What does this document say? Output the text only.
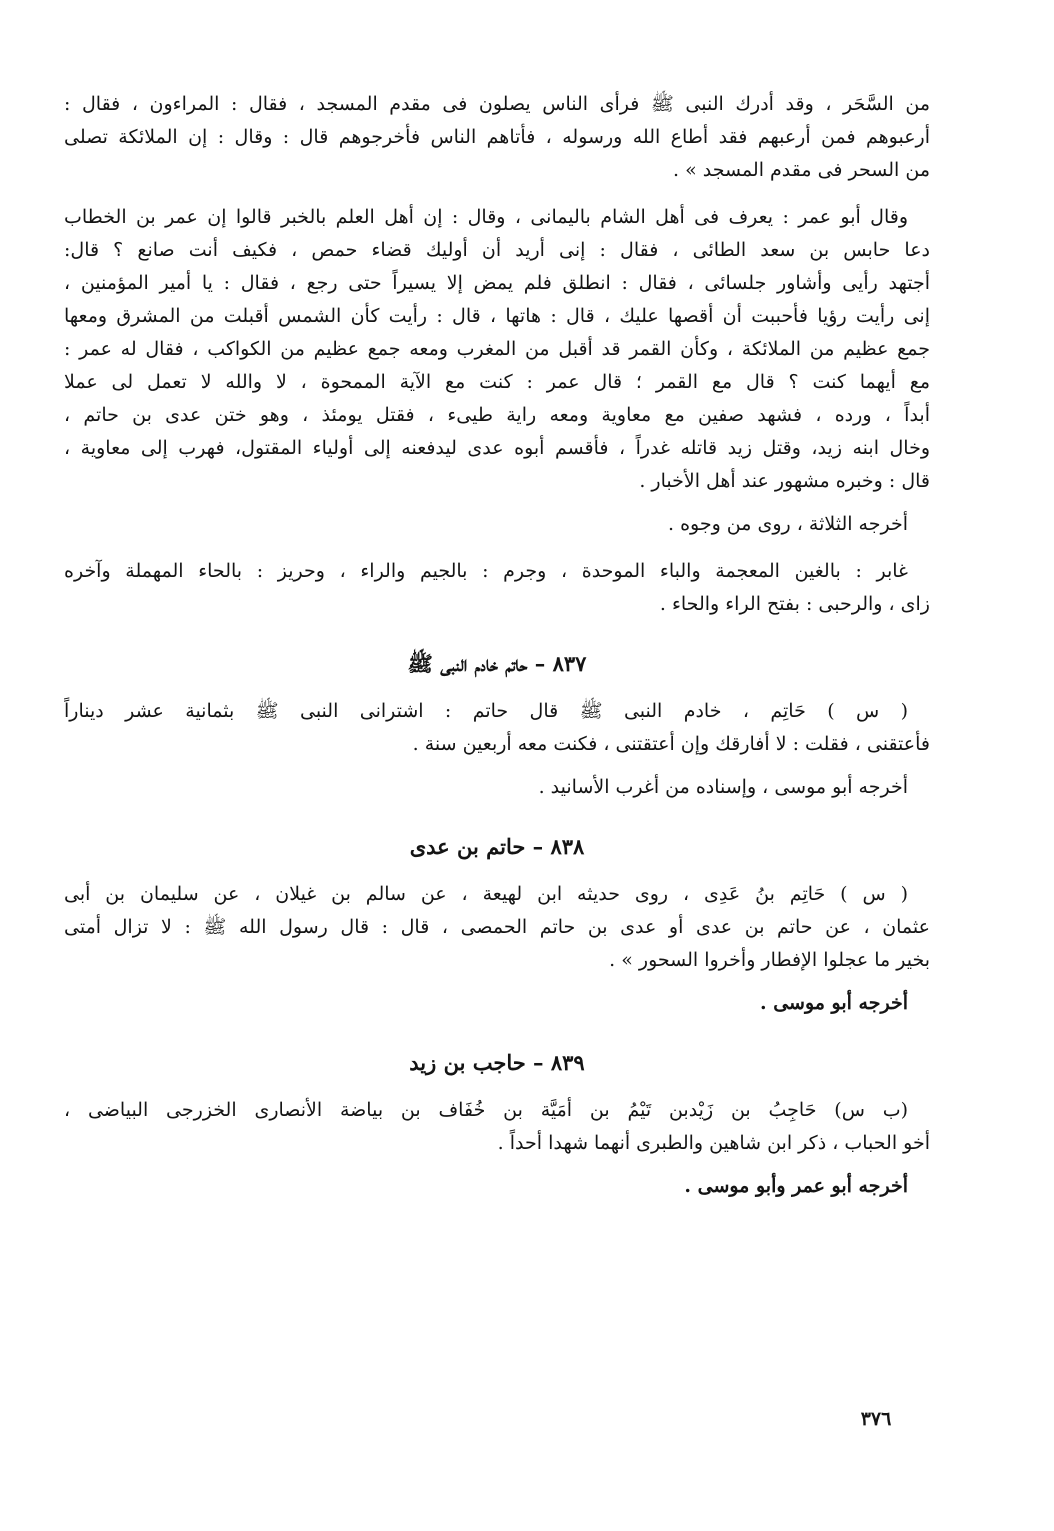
من السَّحَر ، وقد أدرك النبى ﷺ فرأى الناس يصلون فى مقدم المسجد ، فقال : المراءون ، فقال :
أرعبوهم فمن أرعبهم فقد أطاع الله ورسوله ، فأتاهم الناس فأخرجوهم قال : وقال : إن الملائكة تصلى
من السحر فى مقدم المسجد » .

وقال أبو عمر : يعرف فى أهل الشام باليمانى ، وقال : إن أهل العلم بالخبر قالوا إن عمر بن الخطاب
دعا حابس بن سعد الطائى ، فقال : إنى أريد أن أوليك قضاء حمص ، فكيف أنت صانع ؟ قال:
أجتهد رأيى وأشاور جلسائى ، فقال : انطلق فلم يمض إلا يسيراً حتى رجع ، فقال : يا أمير المؤمنين ،
إنى رأيت رؤيا فأحببت أن أقصها عليك ، قال : هاتها ، قال : رأيت كأن الشمس أقبلت من المشرق ومعها
جمع عظيم من الملائكة ، وكأن القمر قد أقبل من المغرب ومعه جمع عظيم من الكواكب ، فقال له عمر :
مع أيهما كنت ؟ قال مع القمر ؛ قال عمر : كنت مع الآية الممحوة ، لا والله لا تعمل لى عملا
أبداً ، ورده ، فشهد صفين مع معاوية ومعه راية طيىء ، فقتل يومئذ ، وهو ختن عدى بن حاتم ،
وخال ابنه زيد، وقتل زيد قاتله غدراً ، فأقسم أبوه عدى ليدفعنه إلى أولياء المقتول، فهرب إلى معاوية ،
قال : وخبره مشهور عند أهل الأخبار .

أخرجه الثلاثة ، روى من وجوه .

غابر : بالغين المعجمة والباء الموحدة ، وجرم : بالجيم والراء ، وحريز : بالحاء المهملة وآخره
زاى ، والرحبى : بفتح الراء والحاء .

٨٣٧ – حاتم خادم النبى ﷺ

( س ) حَاتِم ، خادم النبى ﷺ قال حاتم : اشترانى النبى ﷺ بثمانية عشر ديناراً
فأعتقنى ، فقلت : لا أفارقك وإن أعتقتنى ، فكنت معه أربعين سنة .

أخرجه أبو موسى ، وإسناده من أغرب الأسانيد .
٨٣٨ – حاتم بن عدى

( س ) حَاتِم بنُ عَدِى ، روى حديثه ابن لهيعة ، عن سالم بن غيلان ، عن سليمان بن أبى
عثمان ، عن حاتم بن عدى أو عدى بن حاتم الحمصى ، قال : قال رسول الله ﷺ : لا تزال أمتى
بخير ما عجلوا الإفطار وأخروا السحور » .

أخرجه أبو موسى .
٨٣٩ – حاجب بن زيد

(ب س) حَاجِبُ بن زَيْدبن تَيْمُ بن أمَيَّة بن خُفَاف بن بياضة الأنصارى الخزرجى البياضى ،
أخو الحباب ، ذكر ابن شاهين والطبرى أنهما شهدا أحداً .

أخرجه أبو عمر وأبو موسى .
٣٧٦
